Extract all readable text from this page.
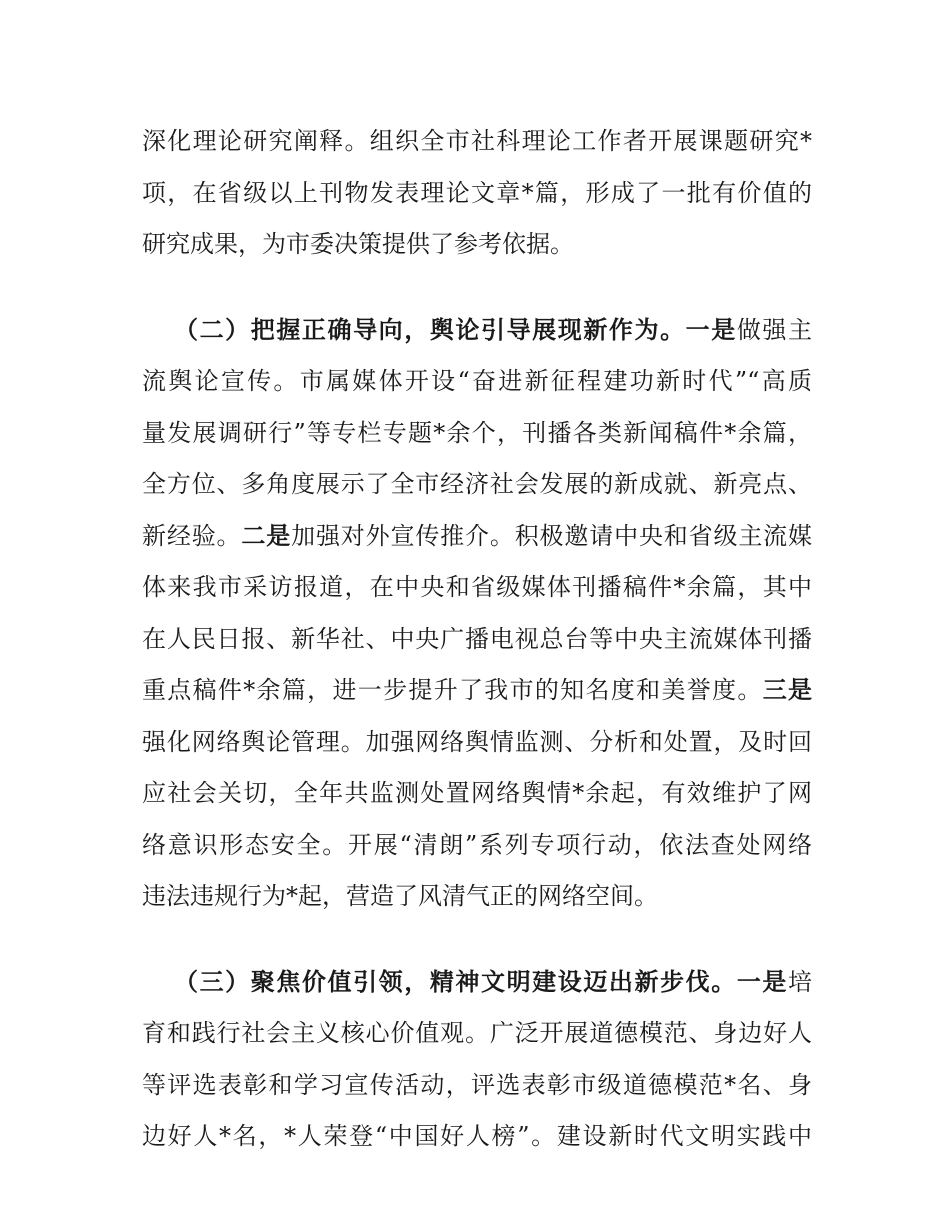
深化理论研究阐释。组织全市社科理论工作者开展课题研究*
项，在省级以上刊物发表理论文章*篇，形成了一批有价值的
研究成果，为市委决策提供了参考依据。
（二）把握正确导向，舆论引导展现新作为。一是做强主
流舆论宣传。市属媒体开设“奋进新征程建功新时代”“高质
量发展调研行”等专栏专题*余个，刊播各类新闻稿件*余篇，
全方位、多角度展示了全市经济社会发展的新成就、新亮点、
新经验。二是加强对外宣传推介。积极邀请中央和省级主流媒
体来我市采访报道，在中央和省级媒体刊播稿件*余篇，其中
在人民日报、新华社、中央广播电视总台等中央主流媒体刊播
重点稿件*余篇，进一步提升了我市的知名度和美誉度。三是
强化网络舆论管理。加强网络舆情监测、分析和处置，及时回
应社会关切，全年共监测处置网络舆情*余起，有效维护了网
络意识形态安全。开展“清朗”系列专项行动，依法查处网络
违法违规行为*起，营造了风清气正的网络空间。
（三）聚焦价值引领，精神文明建设迈出新步伐。一是培
育和践行社会主义核心价值观。广泛开展道德模范、身边好人
等评选表彰和学习宣传活动，评选表彰市级道德模范*名、身
边好人*名，*人荣登“中国好人榜”。建设新时代文明实践中
